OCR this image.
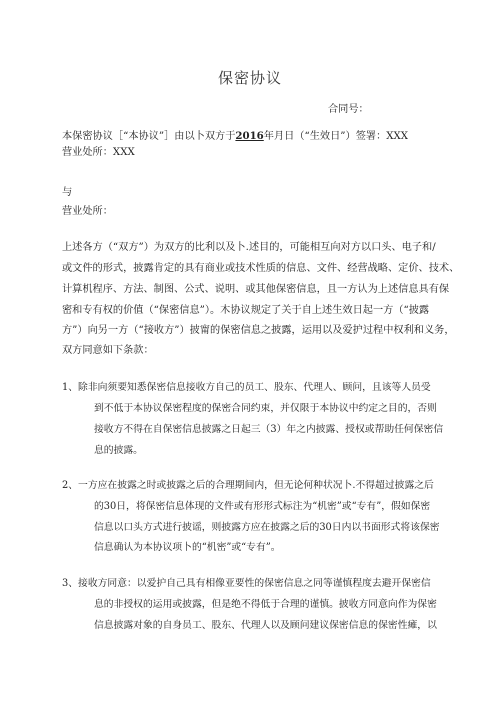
保密协议
合同号：
本保密协议［“本协议”］由以卜双方于2016年月日（“生效日”）签署：XXX
营业处所：XXX
与
营业处所：
上述各方（“双方”）为双方的比利以及卜.述目的，可能相互向对方以口头、电子和/
或文件的形式，披露肯定的具有商业或技术性质的信息、文件、经营战略、定价、技术、
计算机程序、方法、制图、公式、说明、或其他保密信息，且一方认为上述信息具有保
密和专有权的价值（“保密信息”）。木协议规定了关于自上述生效日起一方（“披露
方”）向另一方（“接收方”）披甯的保密信息之披露，运用以及爱护过程中权利和义务，
双方同意如下条款：
1、除非向须要知悉保密信息接收方自己的员工、股东、代理人、顾问，且该等人员受
到不低于本协议保密程度的保密合同约束，并仅限于本协议中约定之目的，否则
接收方不得在自保密信息披露之日起三（3）年之内披露、授权或帮助任何保密信
息的披露。
2、一方应在披露之时或披露之后的合理期间内，但无论何种状况卜.不得超过披露之后
的30日，将保密信息体现的文件或有形形式标注为“机密”或“专有”，假如保密
信息以口头方式进行披谣，则披露方应在披露之后的30日内以书面形式将该保密
信息确认为本协议项卜的“机密”或“专有”。
3、接收方同意：以爱护自己具有相像亚要性的保密信息之同等谨慎程度去避开保密信
息的非授权的运用或披露，但是绝不得低于合理的谨慎。披收方同意向作为保密
信息披露对象的自身员工、股东、代理人以及顾问建议保密信息的保密性瘫，以
